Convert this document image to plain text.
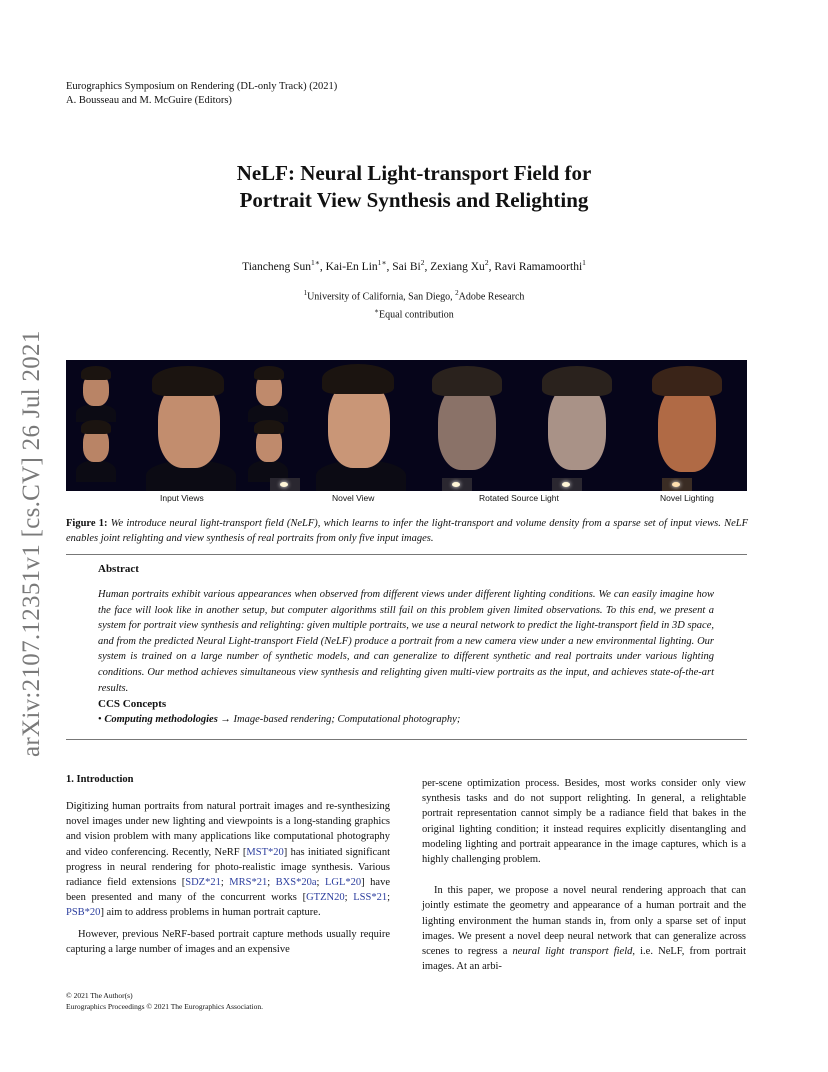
Eurographics Symposium on Rendering (DL-only Track) (2021)
A. Bousseau and M. McGuire (Editors)
arXiv:2107.12351v1 [cs.CV] 26 Jul 2021
NeLF: Neural Light-transport Field for
Portrait View Synthesis and Relighting
Tiancheng Sun$^{1∗}$, Kai-En Lin$^{1∗}$, Sai Bi$^2$, Zexiang Xu$^2$, Ravi Ramamoorthi$^1$
$^1$University of California, San Diego, $^2$Adobe Research
∗Equal contribution
Input Views	Novel View	Rotated Source Light	Novel Lighting
Figure 1: We introduce neural light-transport field (NeLF), which learns to infer the light-transport and volume density from a sparse set of input views. NeLF enables joint relighting and view synthesis of real portraits from only five input images.
Abstract
Human portraits exhibit various appearances when observed from different views under different lighting conditions. We can easily imagine how the face will look like in another setup, but computer algorithms still fail on this problem given limited observations. To this end, we present a system for portrait view synthesis and relighting: given multiple portraits, we use a neural network to predict the light-transport field in 3D space, and from the predicted Neural Light-transport Field (NeLF) produce a portrait from a new camera view under a new environmental lighting. Our system is trained on a large number of synthetic models, and can generalize to different synthetic and real portraits under various lighting conditions. Our method achieves simultaneous view synthesis and relighting given multi-view portraits as the input, and achieves state-of-the-art results.
CCS Concepts
• Computing methodologies → Image-based rendering; Computational photography;
1. Introduction

Digitizing human portraits from natural portrait images and re-synthesizing novel images under new lighting and viewpoints is a long-standing graphics and vision problem with many applications like computational photography and video conferencing. Recently, NeRF [MST*20] has initiated significant progress in neural rendering for photo-realistic image synthesis. Various radiance field extensions [SDZ*21; MRS*21; BXS*20a; LGL*20] have been presented and many of the concurrent works [GTZN20; LSS*21; PSB*20] aim to address problems in human portrait capture.

However, previous NeRF-based portrait capture methods usually require capturing a large number of images and an expensive

per-scene optimization process. Besides, most works consider only view synthesis tasks and do not support relighting. In general, a relightable portrait representation cannot simply be a radiance field that bakes in the original lighting condition; it instead requires explicitly disentangling and modeling lighting and portrait appearance in the image captures, which is a highly challenging problem.

In this paper, we propose a novel neural rendering approach that can jointly estimate the geometry and appearance of a human portrait and the lighting environment the human stands in, from only a sparse set of input images. We present a novel deep neural network that can generalize across scenes to regress a neural light transport field, i.e. NeLF, from portrait images. At an arbi-

© 2021 The Author(s)
Eurographics Proceedings © 2021 The Eurographics Association.
